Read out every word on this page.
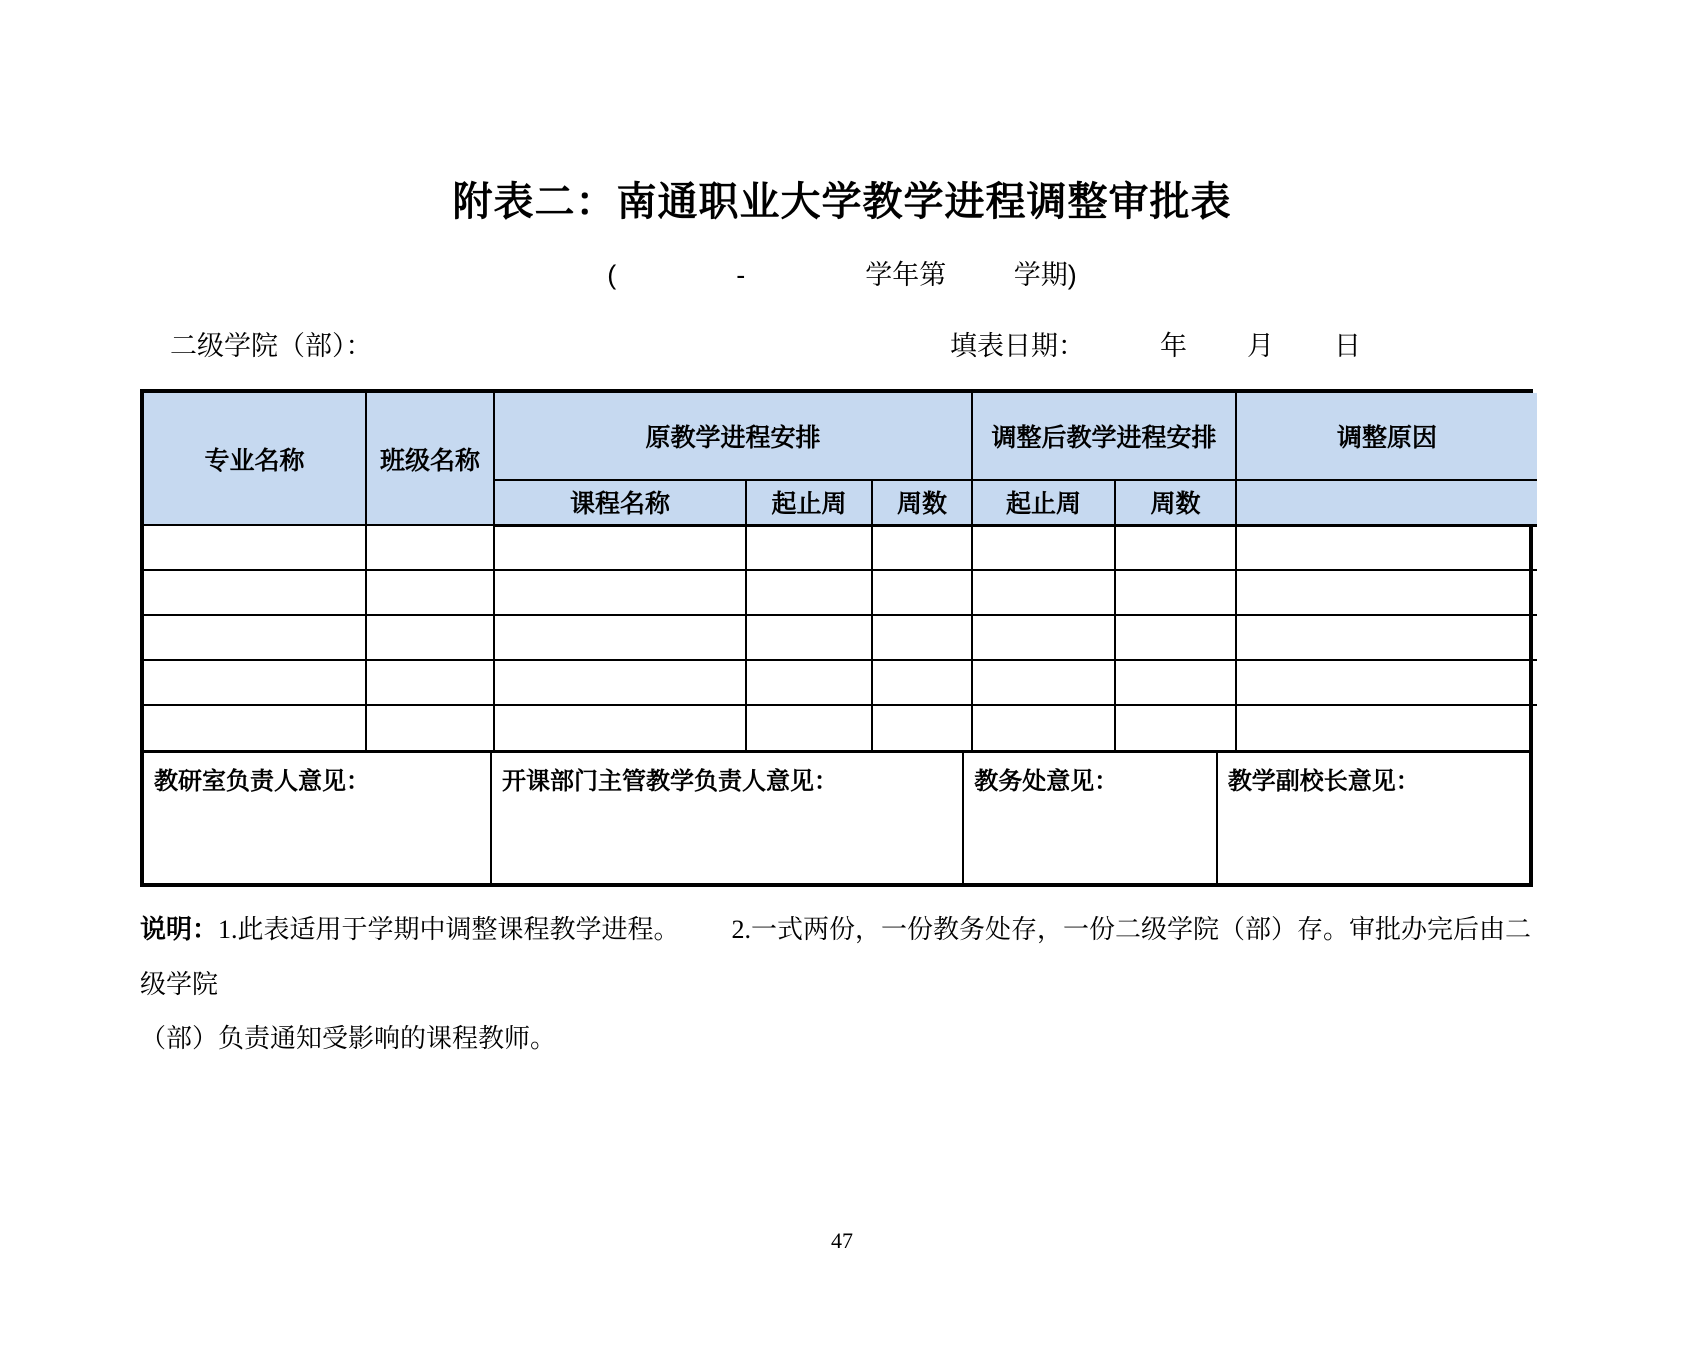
附表二：南通职业大学教学进程调整审批表
(                -                学年第         学期)
二级学院（部）：	填表日期：          年        月        日
专业名称	班级名称	原教学进程安排			调整后教学进程安排		调整原因
		课程名称	起止周	周数	起止周	周数	

教研室负责人意见：	开课部门主管教学负责人意见：	教务处意见：	教学副校长意见：
说明：1.此表适用于学期中调整课程教学进程。        2.一式两份，一份教务处存，一份二级学院（部）存。审批办完后由二级学院
（部）负责通知受影响的课程教师。
47
